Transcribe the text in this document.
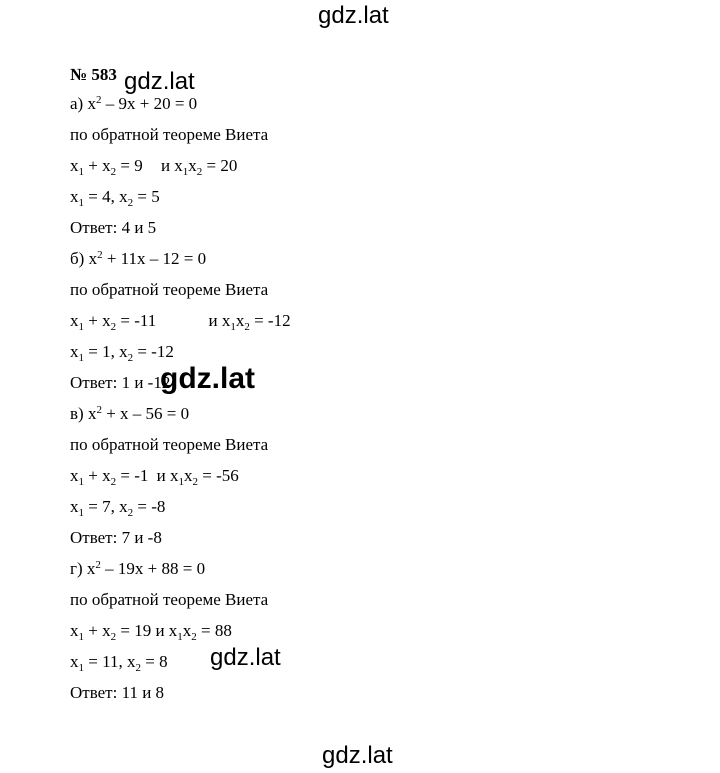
gdz.lat
gdz.lat
№ 583
а) $x^2 - 9x + 20 = 0$
по обратной теореме Виета
$x_1 + x_2 = 9$ и $x_1x_2 = 20$
$x_1 = 4$, $x_2 = 5$
Ответ: 4 и 5
б) $x^2 + 11x - 12 = 0$
по обратной теореме Виета
$x_1 + x_2 = -11$	и $x_1x_2 = -12$
$x_1 = 1$, $x_2 = -12$
Ответ: 1 и -12
в) $x^2 + x - 56 = 0$
по обратной теореме Виета
$x_1 + x_2 = -1$ и $x_1x_2 = -56$
$x_1 = 7$, $x_2 = -8$
Ответ: 7 и -8
г) $x^2 - 19x + 88 = 0$
по обратной теореме Виета
$x_1 + x_2 = 19$ и $x_1x_2 = 88$
$x_1 = 11$, $x_2 = 8$
Ответ: 11 и 8
gdz.lat
gdz.lat
gdz.lat
